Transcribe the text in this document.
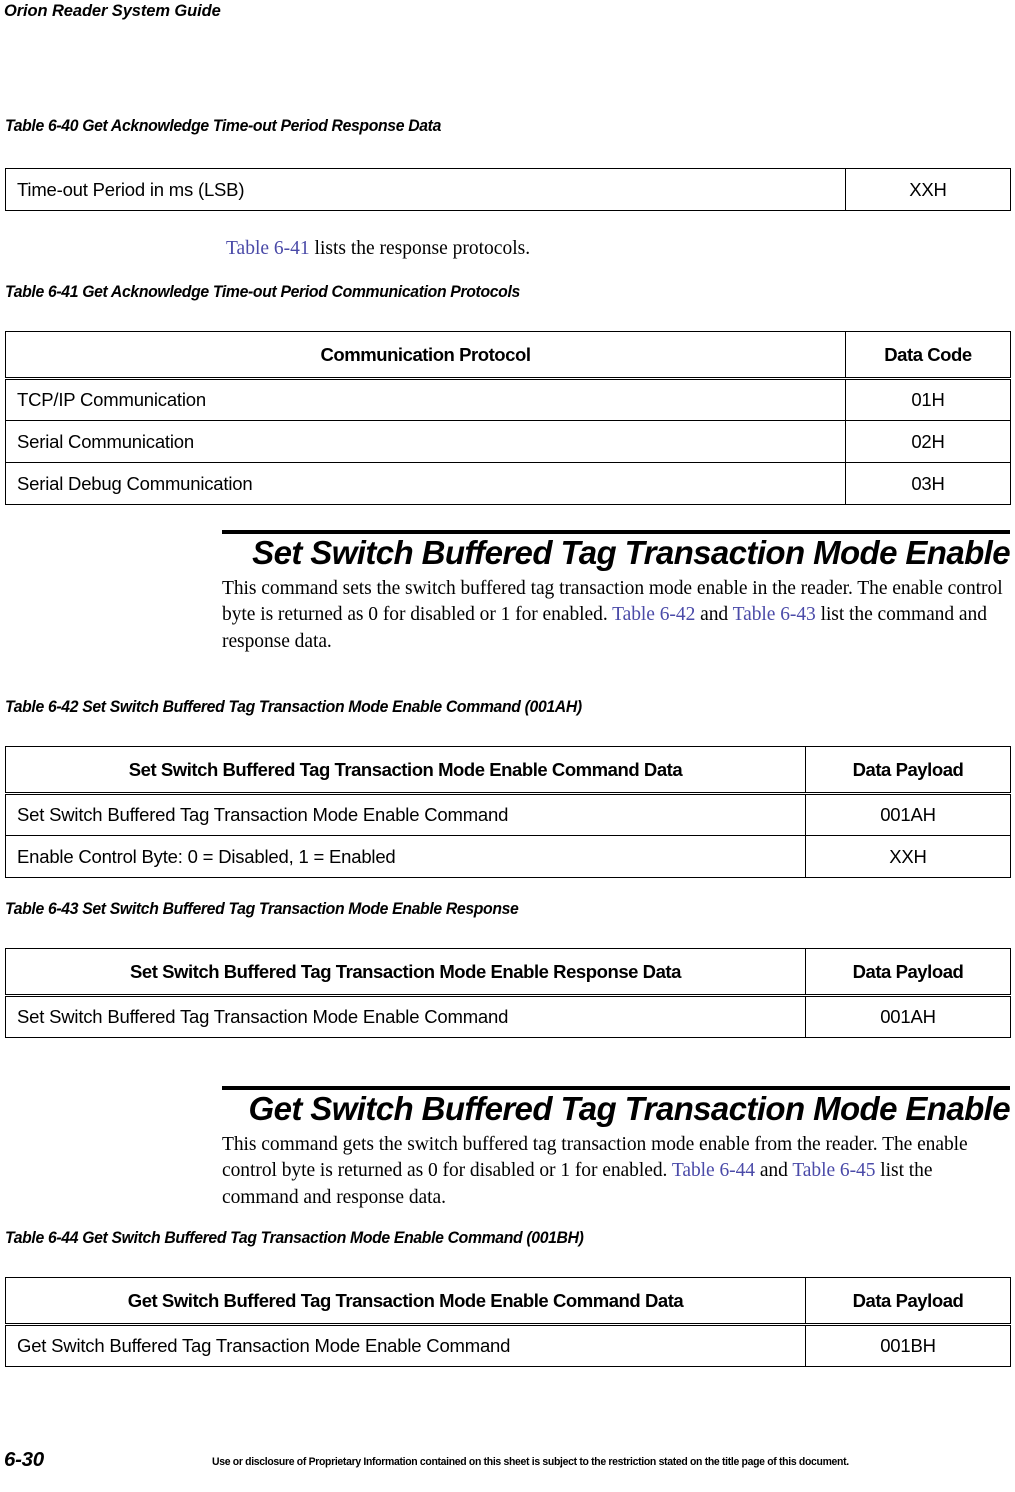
Orion Reader System Guide
Table 6-40 Get Acknowledge Time-out Period Response Data
Time-out Period in ms (LSB)	XXH
Table 6-41 lists the response protocols.
Table 6-41 Get Acknowledge Time-out Period Communication Protocols
Communication Protocol	Data Code
TCP/IP Communication	01H
Serial Communication	02H
Serial Debug Communication	03H
Set Switch Buffered Tag Transaction Mode Enable
This command sets the switch buffered tag transaction mode enable in the reader. The enable control byte is returned as 0 for disabled or 1 for enabled. Table 6-42 and Table 6-43 list the command and response data.
Table 6-42 Set Switch Buffered Tag Transaction Mode Enable Command (001AH)
Set Switch Buffered Tag Transaction Mode Enable Command Data	Data Payload
Set Switch Buffered Tag Transaction Mode Enable Command	001AH
Enable Control Byte: 0 = Disabled, 1 = Enabled	XXH
Table 6-43 Set Switch Buffered Tag Transaction Mode Enable Response
Set Switch Buffered Tag Transaction Mode Enable Response Data	Data Payload
Set Switch Buffered Tag Transaction Mode Enable Command	001AH
Get Switch Buffered Tag Transaction Mode Enable
This command gets the switch buffered tag transaction mode enable from the reader. The enable control byte is returned as 0 for disabled or 1 for enabled. Table 6-44 and Table 6-45 list the command and response data.
Table 6-44 Get Switch Buffered Tag Transaction Mode Enable Command (001BH)
Get Switch Buffered Tag Transaction Mode Enable Command Data	Data Payload
Get Switch Buffered Tag Transaction Mode Enable Command	001BH
6-30	Use or disclosure of Proprietary Information contained on this sheet is subject to the restriction stated on the title page of this document.
